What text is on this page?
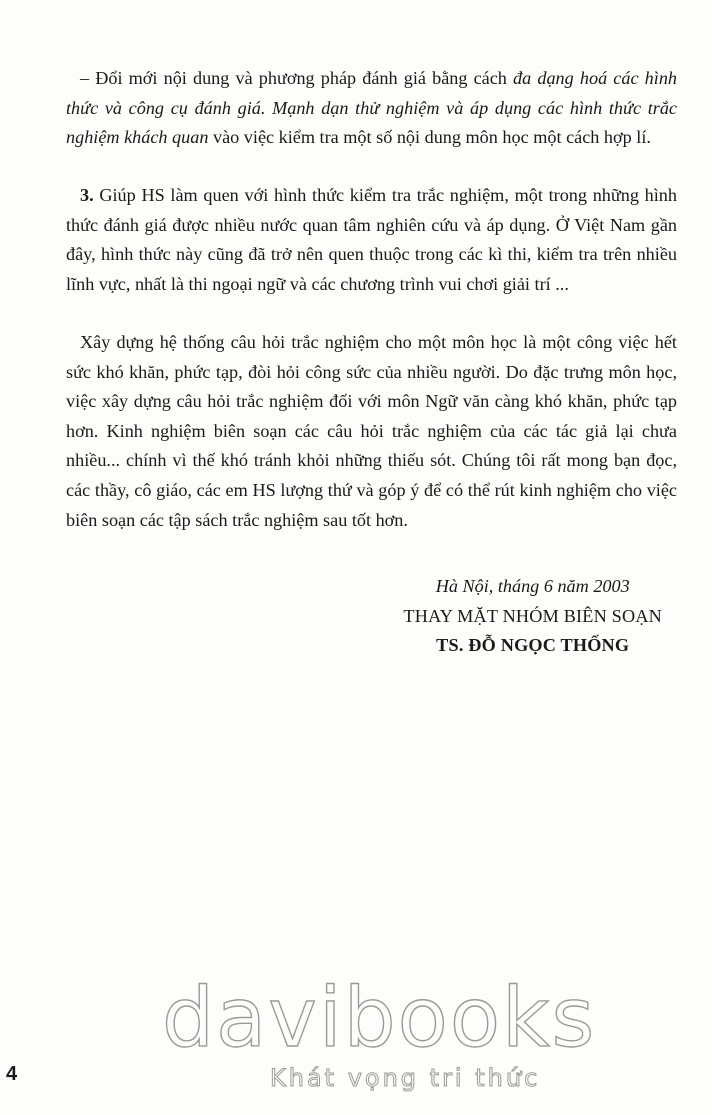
– Đổi mới nội dung và phương pháp đánh giá bằng cách đa dạng hoá các hình thức và công cụ đánh giá. Mạnh dạn thử nghiệm và áp dụng các hình thức trắc nghiệm khách quan vào việc kiểm tra một số nội dung môn học một cách hợp lí.

3. Giúp HS làm quen với hình thức kiểm tra trắc nghiệm, một trong những hình thức đánh giá được nhiều nước quan tâm nghiên cứu và áp dụng. Ở Việt Nam gần đây, hình thức này cũng đã trở nên quen thuộc trong các kì thi, kiểm tra trên nhiều lĩnh vực, nhất là thi ngoại ngữ và các chương trình vui chơi giải trí ...

Xây dựng hệ thống câu hỏi trắc nghiệm cho một môn học là một công việc hết sức khó khăn, phức tạp, đòi hỏi công sức của nhiều người. Do đặc trưng môn học, việc xây dựng câu hỏi trắc nghiệm đối với môn Ngữ văn càng khó khăn, phức tạp hơn. Kinh nghiệm biên soạn các câu hỏi trắc nghiệm của các tác giả lại chưa nhiều... chính vì thế khó tránh khỏi những thiếu sót. Chúng tôi rất mong bạn đọc, các thầy, cô giáo, các em HS lượng thứ và góp ý để có thể rút kinh nghiệm cho việc biên soạn các tập sách trắc nghiệm sau tốt hơn.

Hà Nội, tháng 6 năm 2003
THAY MẶT NHÓM BIÊN SOẠN
TS. ĐỖ NGỌC THỐNG
davibooks
Khát vọng tri thức
4
